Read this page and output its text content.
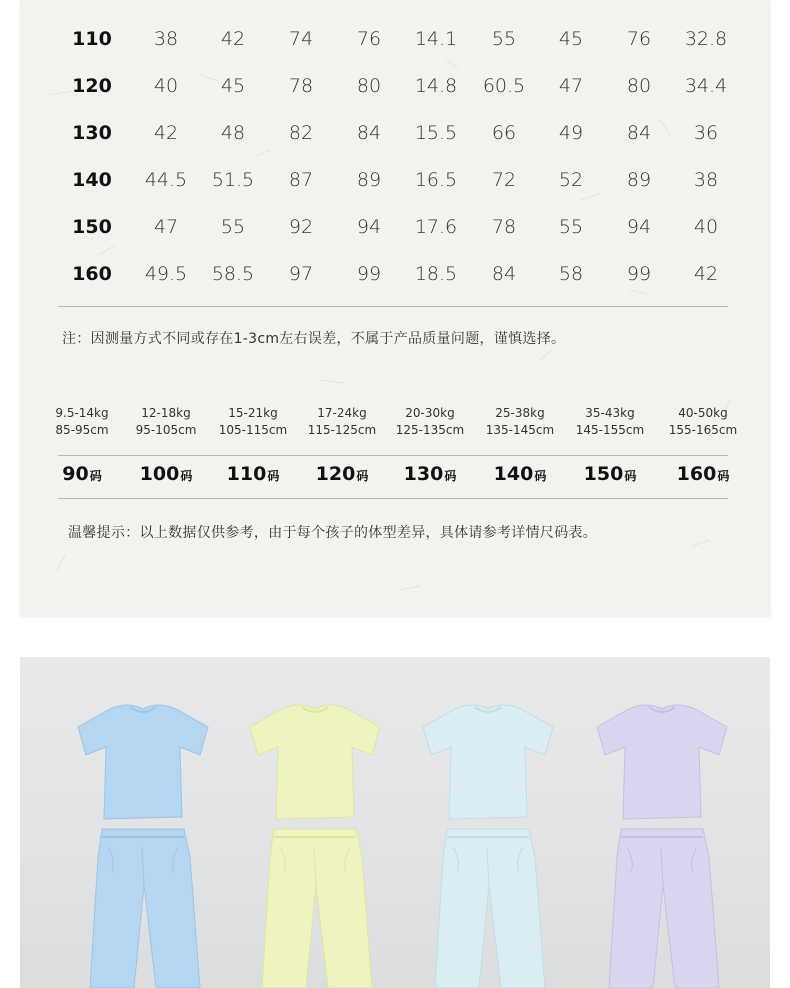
110	38	42	74	76	14.1	55	45	76	32.8
120	40	45	78	80	14.8	60.5	47	80	34.4
130	42	48	82	84	15.5	66	49	84	36
140	44.5	51.5	87	89	16.5	72	52	89	38
150	47	55	92	94	17.6	78	55	94	40
160	49.5	58.5	97	99	18.5	84	58	99	42
注：因测量方式不同或存在1-3cm左右误差，不属于产品质量问题，谨慎选择。
9.5-14kg
85-95cm
12-18kg
95-105cm
15-21kg
105-115cm
17-24kg
115-125cm
20-30kg
125-135cm
25-38kg
135-145cm
35-43kg
145-155cm
40-50kg
155-165cm
90码	100码	110码	120码	130码	140码	150码	160码
温馨提示：以上数据仅供参考，由于每个孩子的体型差异，具体请参考详情尺码表。
